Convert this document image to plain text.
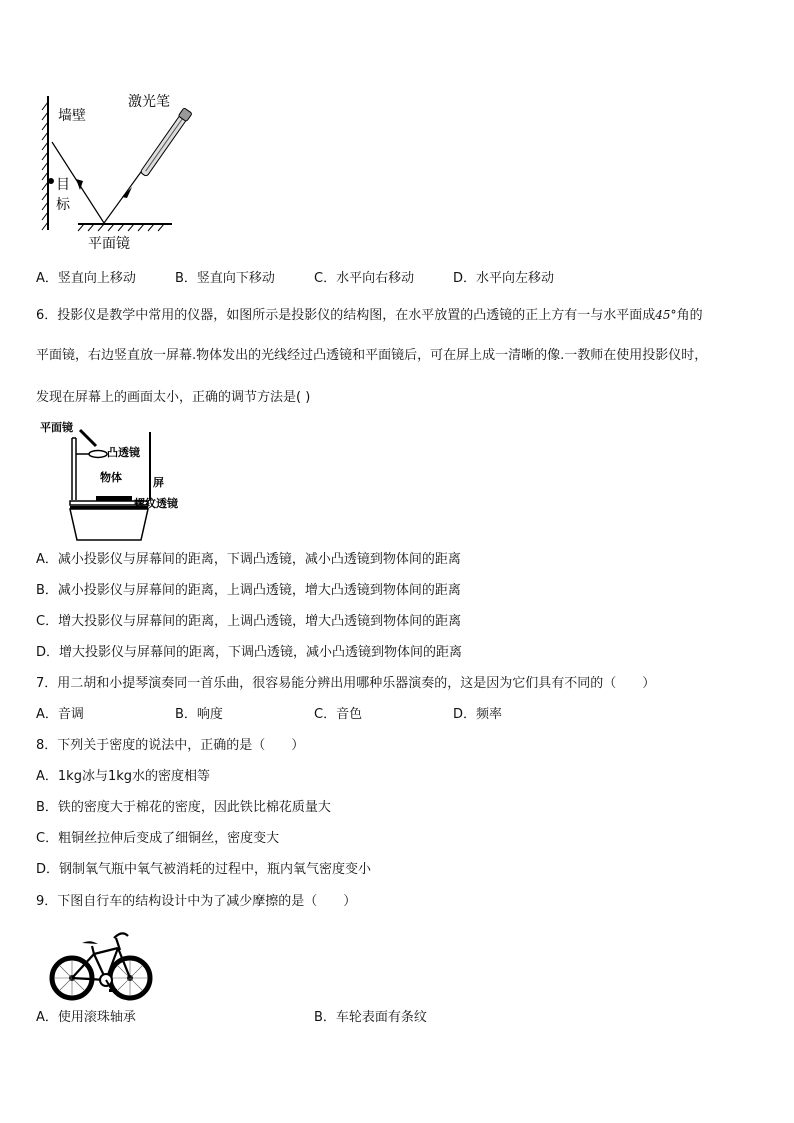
激光笔
墙壁
目
标
平面镜
A．竖直向上移动	B．竖直向下移动	C．水平向右移动	D．水平向左移动
6．投影仪是教学中常用的仪器，如图所示是投影仪的结构图，在水平放置的凸透镜的正上方有一与水平面成45°角的
平面镜，右边竖直放一屏幕.物体发出的光线经过凸透镜和平面镜后，可在屏上成一清晰的像.一教师在使用投影仪时，
发现在屏幕上的画面太小，正确的调节方法是( )
平面镜
凸透镜
物体	屏
螺纹透镜
A．减小投影仪与屏幕间的距离，下调凸透镜，减小凸透镜到物体间的距离
B．减小投影仪与屏幕间的距离，上调凸透镜，增大凸透镜到物体间的距离
C．增大投影仪与屏幕间的距离，上调凸透镜，增大凸透镜到物体间的距离
D．增大投影仪与屏幕间的距离，下调凸透镜，减小凸透镜到物体间的距离
7．用二胡和小提琴演奏同一首乐曲，很容易能分辨出用哪种乐器演奏的，这是因为它们具有不同的（　　）
A．音调	B．响度	C．音色	D．频率
8．下列关于密度的说法中，正确的是（　　）
A．1kg冰与1kg水的密度相等
B．铁的密度大于棉花的密度，因此铁比棉花质量大
C．粗铜丝拉伸后变成了细铜丝，密度变大
D．钢制氧气瓶中氧气被消耗的过程中，瓶内氧气密度变小
9．下图自行车的结构设计中为了减少摩擦的是（　　）
A．使用滚珠轴承	B．车轮表面有条纹
